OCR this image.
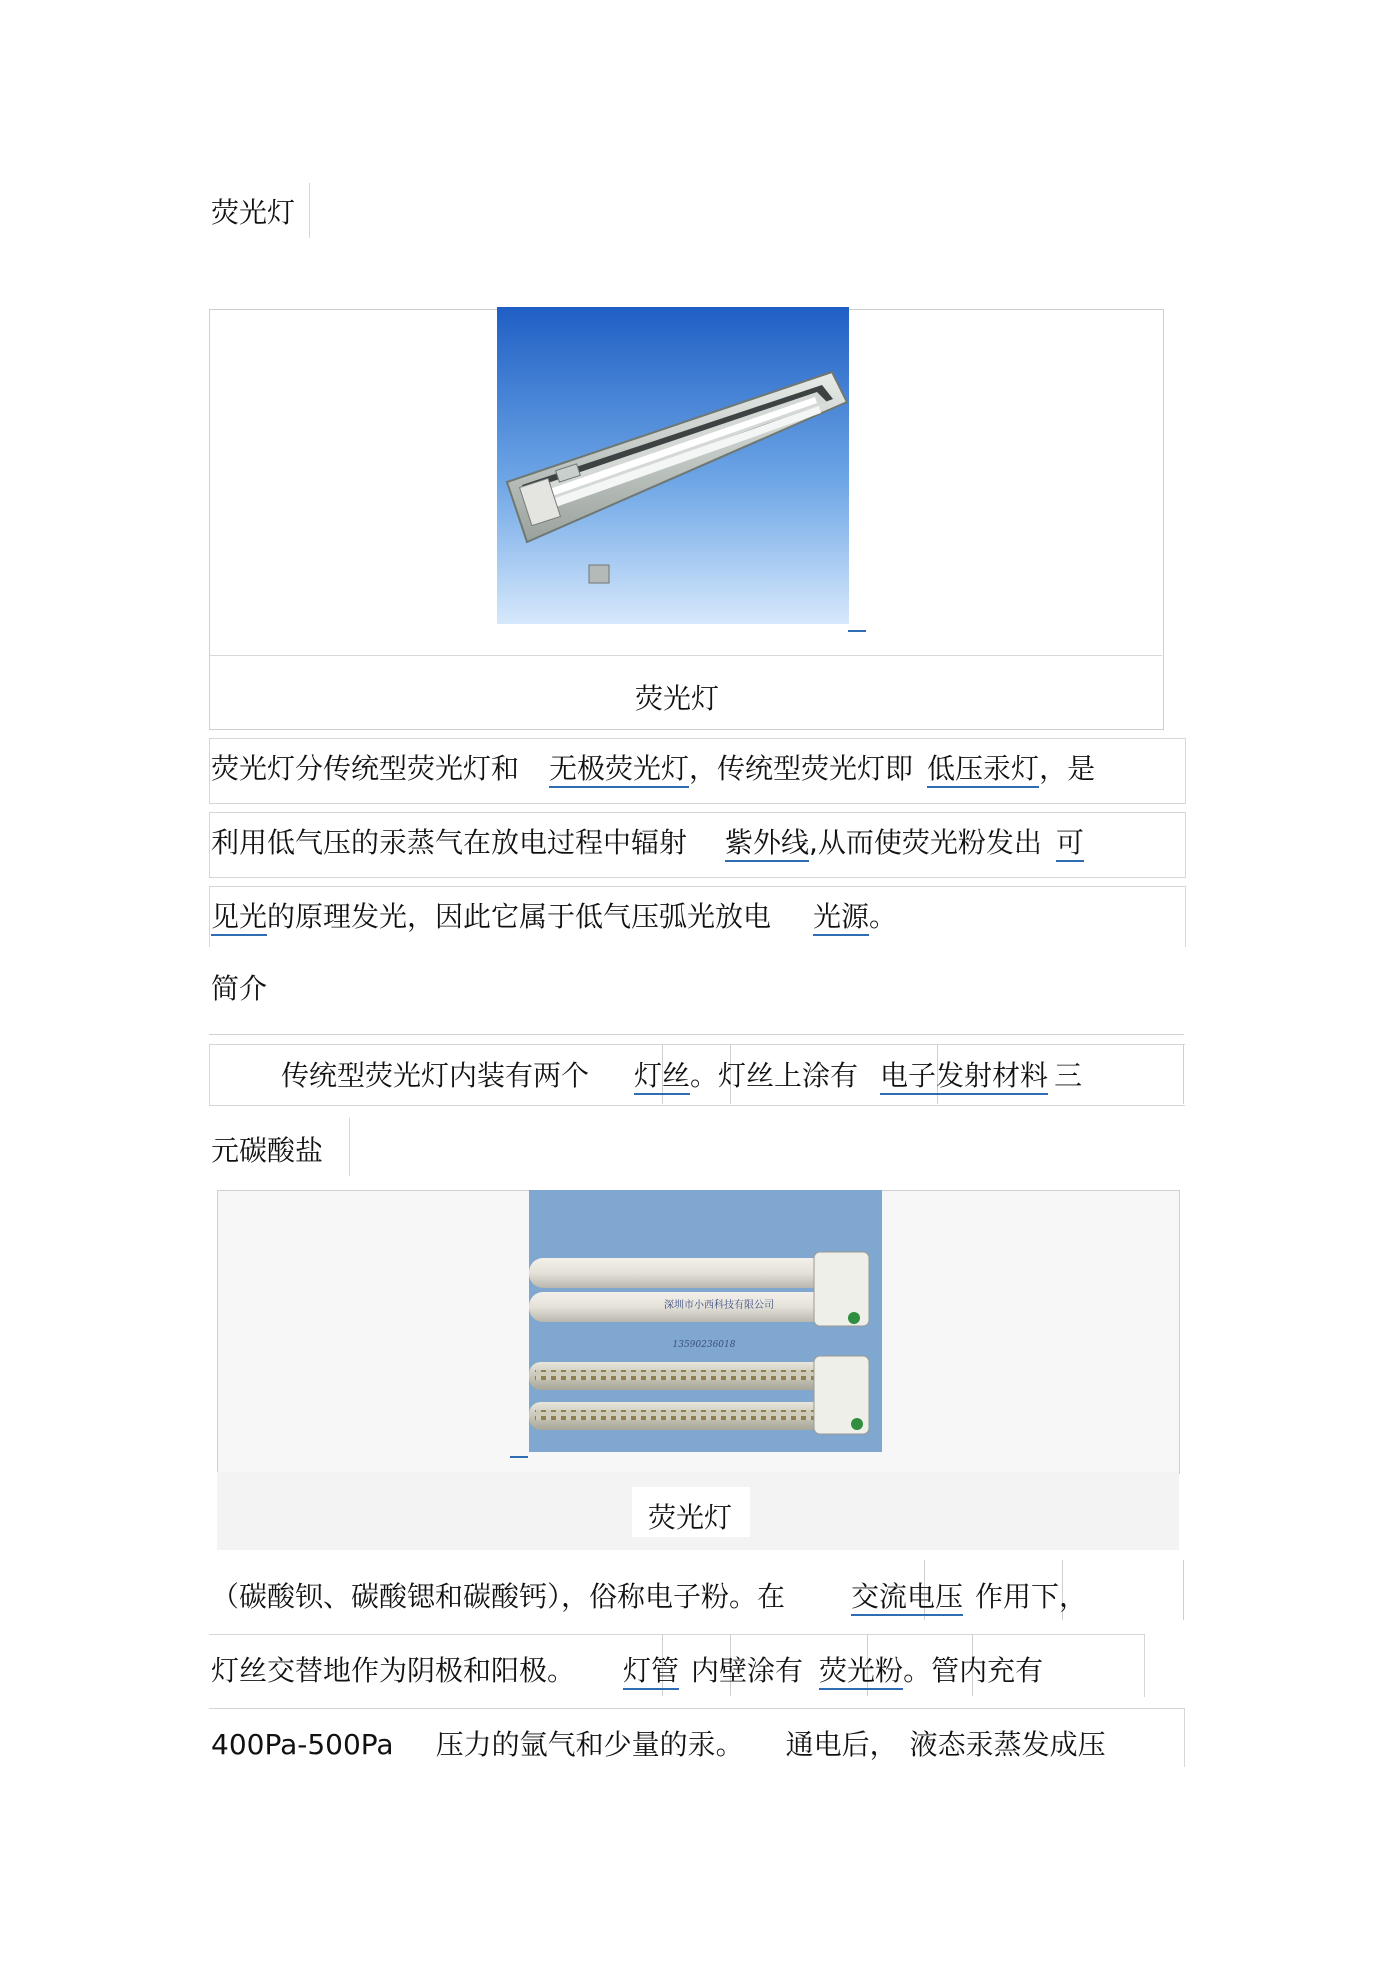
荧光灯
荧光灯
荧光灯分传统型荧光灯和 无极荧光灯，传统型荧光灯即 低压汞灯，是
利用低气压的汞蒸气在放电过程中辐射 紫外线,从而使荧光粉发出 可
见光的原理发光，因此它属于低气压弧光放电 光源。
简介
传统型荧光灯内装有两个 灯丝。灯丝上涂有 电子发射材料 三
元碳酸盐
深圳市小西科技有限公司
13590236018
荧光灯
（碳酸钡、碳酸锶和碳酸钙），俗称电子粉。在 交流电压 作用下，
灯丝交替地作为阴极和阳极。 灯管 内壁涂有 荧光粉。管内充有
400Pa-500Pa 压力的氩气和少量的汞。 通电后， 液态汞蒸发成压
